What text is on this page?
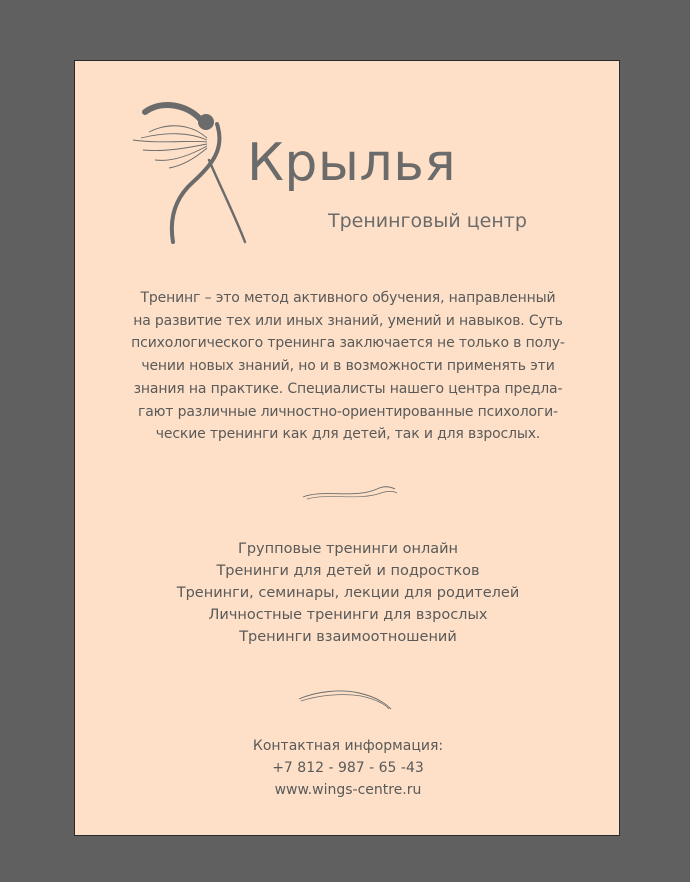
Крылья
Тренинговый центр
Тренинг – это метод активного обучения, направленный
на развитие тех или иных знаний, умений и навыков. Суть
психологического тренинга заключается не только в полу-
чении новых знаний, но и в возможности применять эти
знания на практике. Специалисты нашего центра предла-
гают различные личностно-ориентированные психологи-
ческие тренинги как для детей, так и для взрослых.
Групповые тренинги онлайн
Тренинги для детей и подростков
Тренинги, семинары, лекции для родителей
Личностные тренинги для взрослых
Тренинги взаимоотношений
Контактная информация:
+7 812 - 987 - 65 -43
www.wings-centre.ru
